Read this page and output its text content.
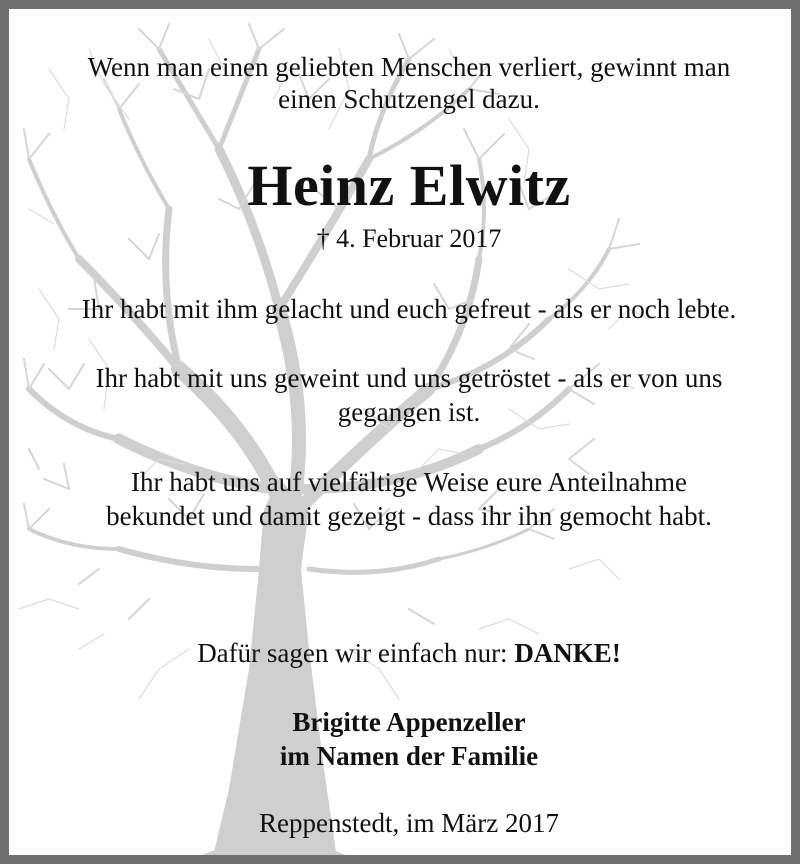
Wenn man einen geliebten Menschen verliert, gewinnt man
einen Schutzengel dazu.
Heinz Elwitz
† 4. Februar 2017
Ihr habt mit ihm gelacht und euch gefreut - als er noch lebte.
Ihr habt mit uns geweint und uns getröstet - als er von uns
gegangen ist.
Ihr habt uns auf vielfältige Weise eure Anteilnahme
bekundet und damit gezeigt - dass ihr ihn gemocht habt.
Dafür sagen wir einfach nur: DANKE!
Brigitte Appenzeller
im Namen der Familie
Reppenstedt, im März 2017
